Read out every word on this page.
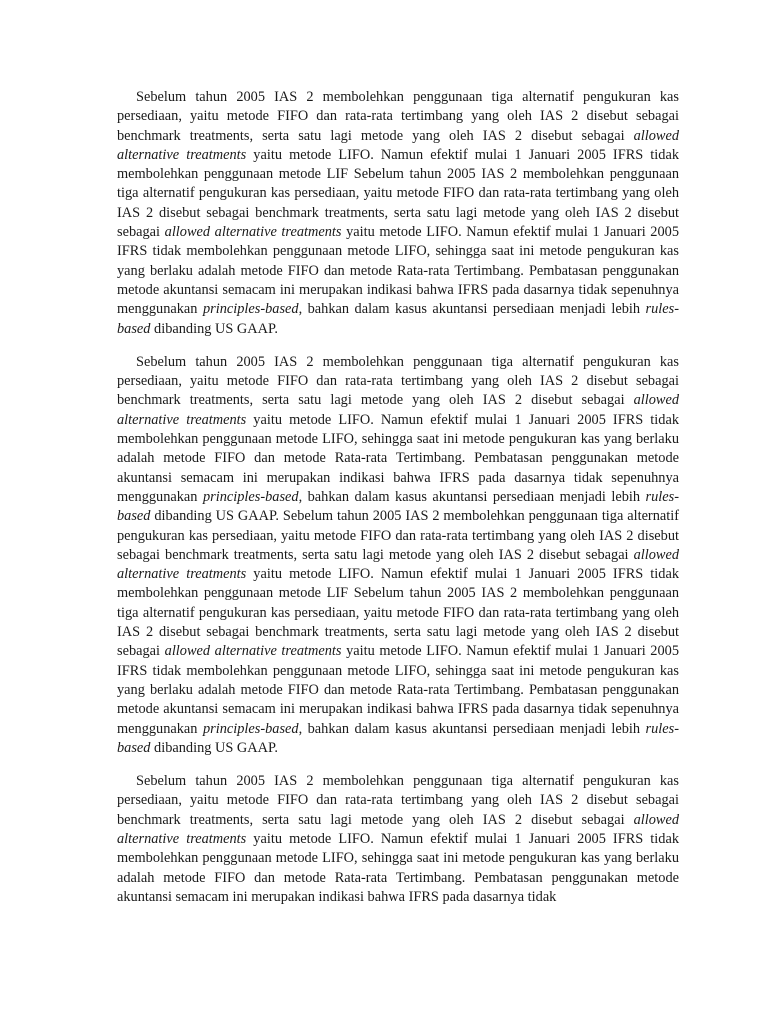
Sebelum tahun 2005 IAS 2 membolehkan penggunaan tiga alternatif pengukuran kas persediaan, yaitu metode FIFO dan rata-rata tertimbang yang oleh IAS 2 disebut sebagai benchmark treatments, serta satu lagi metode yang oleh IAS 2 disebut sebagai allowed alternative treatments yaitu metode LIFO. Namun efektif mulai 1 Januari 2005 IFRS tidak membolehkan penggunaan metode LIF Sebelum tahun 2005 IAS 2 membolehkan penggunaan tiga alternatif pengukuran kas persediaan, yaitu metode FIFO dan rata-rata tertimbang yang oleh IAS 2 disebut sebagai benchmark treatments, serta satu lagi metode yang oleh IAS 2 disebut sebagai allowed alternative treatments yaitu metode LIFO. Namun efektif mulai 1 Januari 2005 IFRS tidak membolehkan penggunaan metode LIFO, sehingga saat ini metode pengukuran kas yang berlaku adalah metode FIFO dan metode Rata-rata Tertimbang. Pembatasan penggunakan metode akuntansi semacam ini merupakan indikasi bahwa IFRS pada dasarnya tidak sepenuhnya menggunakan principles-based, bahkan dalam kasus akuntansi persediaan menjadi lebih rules-based dibanding US GAAP.

Sebelum tahun 2005 IAS 2 membolehkan penggunaan tiga alternatif pengukuran kas persediaan, yaitu metode FIFO dan rata-rata tertimbang yang oleh IAS 2 disebut sebagai benchmark treatments, serta satu lagi metode yang oleh IAS 2 disebut sebagai allowed alternative treatments yaitu metode LIFO. Namun efektif mulai 1 Januari 2005 IFRS tidak membolehkan penggunaan metode LIFO, sehingga saat ini metode pengukuran kas yang berlaku adalah metode FIFO dan metode Rata-rata Tertimbang. Pembatasan penggunakan metode akuntansi semacam ini merupakan indikasi bahwa IFRS pada dasarnya tidak sepenuhnya menggunakan principles-based, bahkan dalam kasus akuntansi persediaan menjadi lebih rules-based dibanding US GAAP. Sebelum tahun 2005 IAS 2 membolehkan penggunaan tiga alternatif pengukuran kas persediaan, yaitu metode FIFO dan rata-rata tertimbang yang oleh IAS 2 disebut sebagai benchmark treatments, serta satu lagi metode yang oleh IAS 2 disebut sebagai allowed alternative treatments yaitu metode LIFO. Namun efektif mulai 1 Januari 2005 IFRS tidak membolehkan penggunaan metode LIF Sebelum tahun 2005 IAS 2 membolehkan penggunaan tiga alternatif pengukuran kas persediaan, yaitu metode FIFO dan rata-rata tertimbang yang oleh IAS 2 disebut sebagai benchmark treatments, serta satu lagi metode yang oleh IAS 2 disebut sebagai allowed alternative treatments yaitu metode LIFO. Namun efektif mulai 1 Januari 2005 IFRS tidak membolehkan penggunaan metode LIFO, sehingga saat ini metode pengukuran kas yang berlaku adalah metode FIFO dan metode Rata-rata Tertimbang. Pembatasan penggunakan metode akuntansi semacam ini merupakan indikasi bahwa IFRS pada dasarnya tidak sepenuhnya menggunakan principles-based, bahkan dalam kasus akuntansi persediaan menjadi lebih rules-based dibanding US GAAP.

Sebelum tahun 2005 IAS 2 membolehkan penggunaan tiga alternatif pengukuran kas persediaan, yaitu metode FIFO dan rata-rata tertimbang yang oleh IAS 2 disebut sebagai benchmark treatments, serta satu lagi metode yang oleh IAS 2 disebut sebagai allowed alternative treatments yaitu metode LIFO. Namun efektif mulai 1 Januari 2005 IFRS tidak membolehkan penggunaan metode LIFO, sehingga saat ini metode pengukuran kas yang berlaku adalah metode FIFO dan metode Rata-rata Tertimbang. Pembatasan penggunakan metode akuntansi semacam ini merupakan indikasi bahwa IFRS pada dasarnya tidak
